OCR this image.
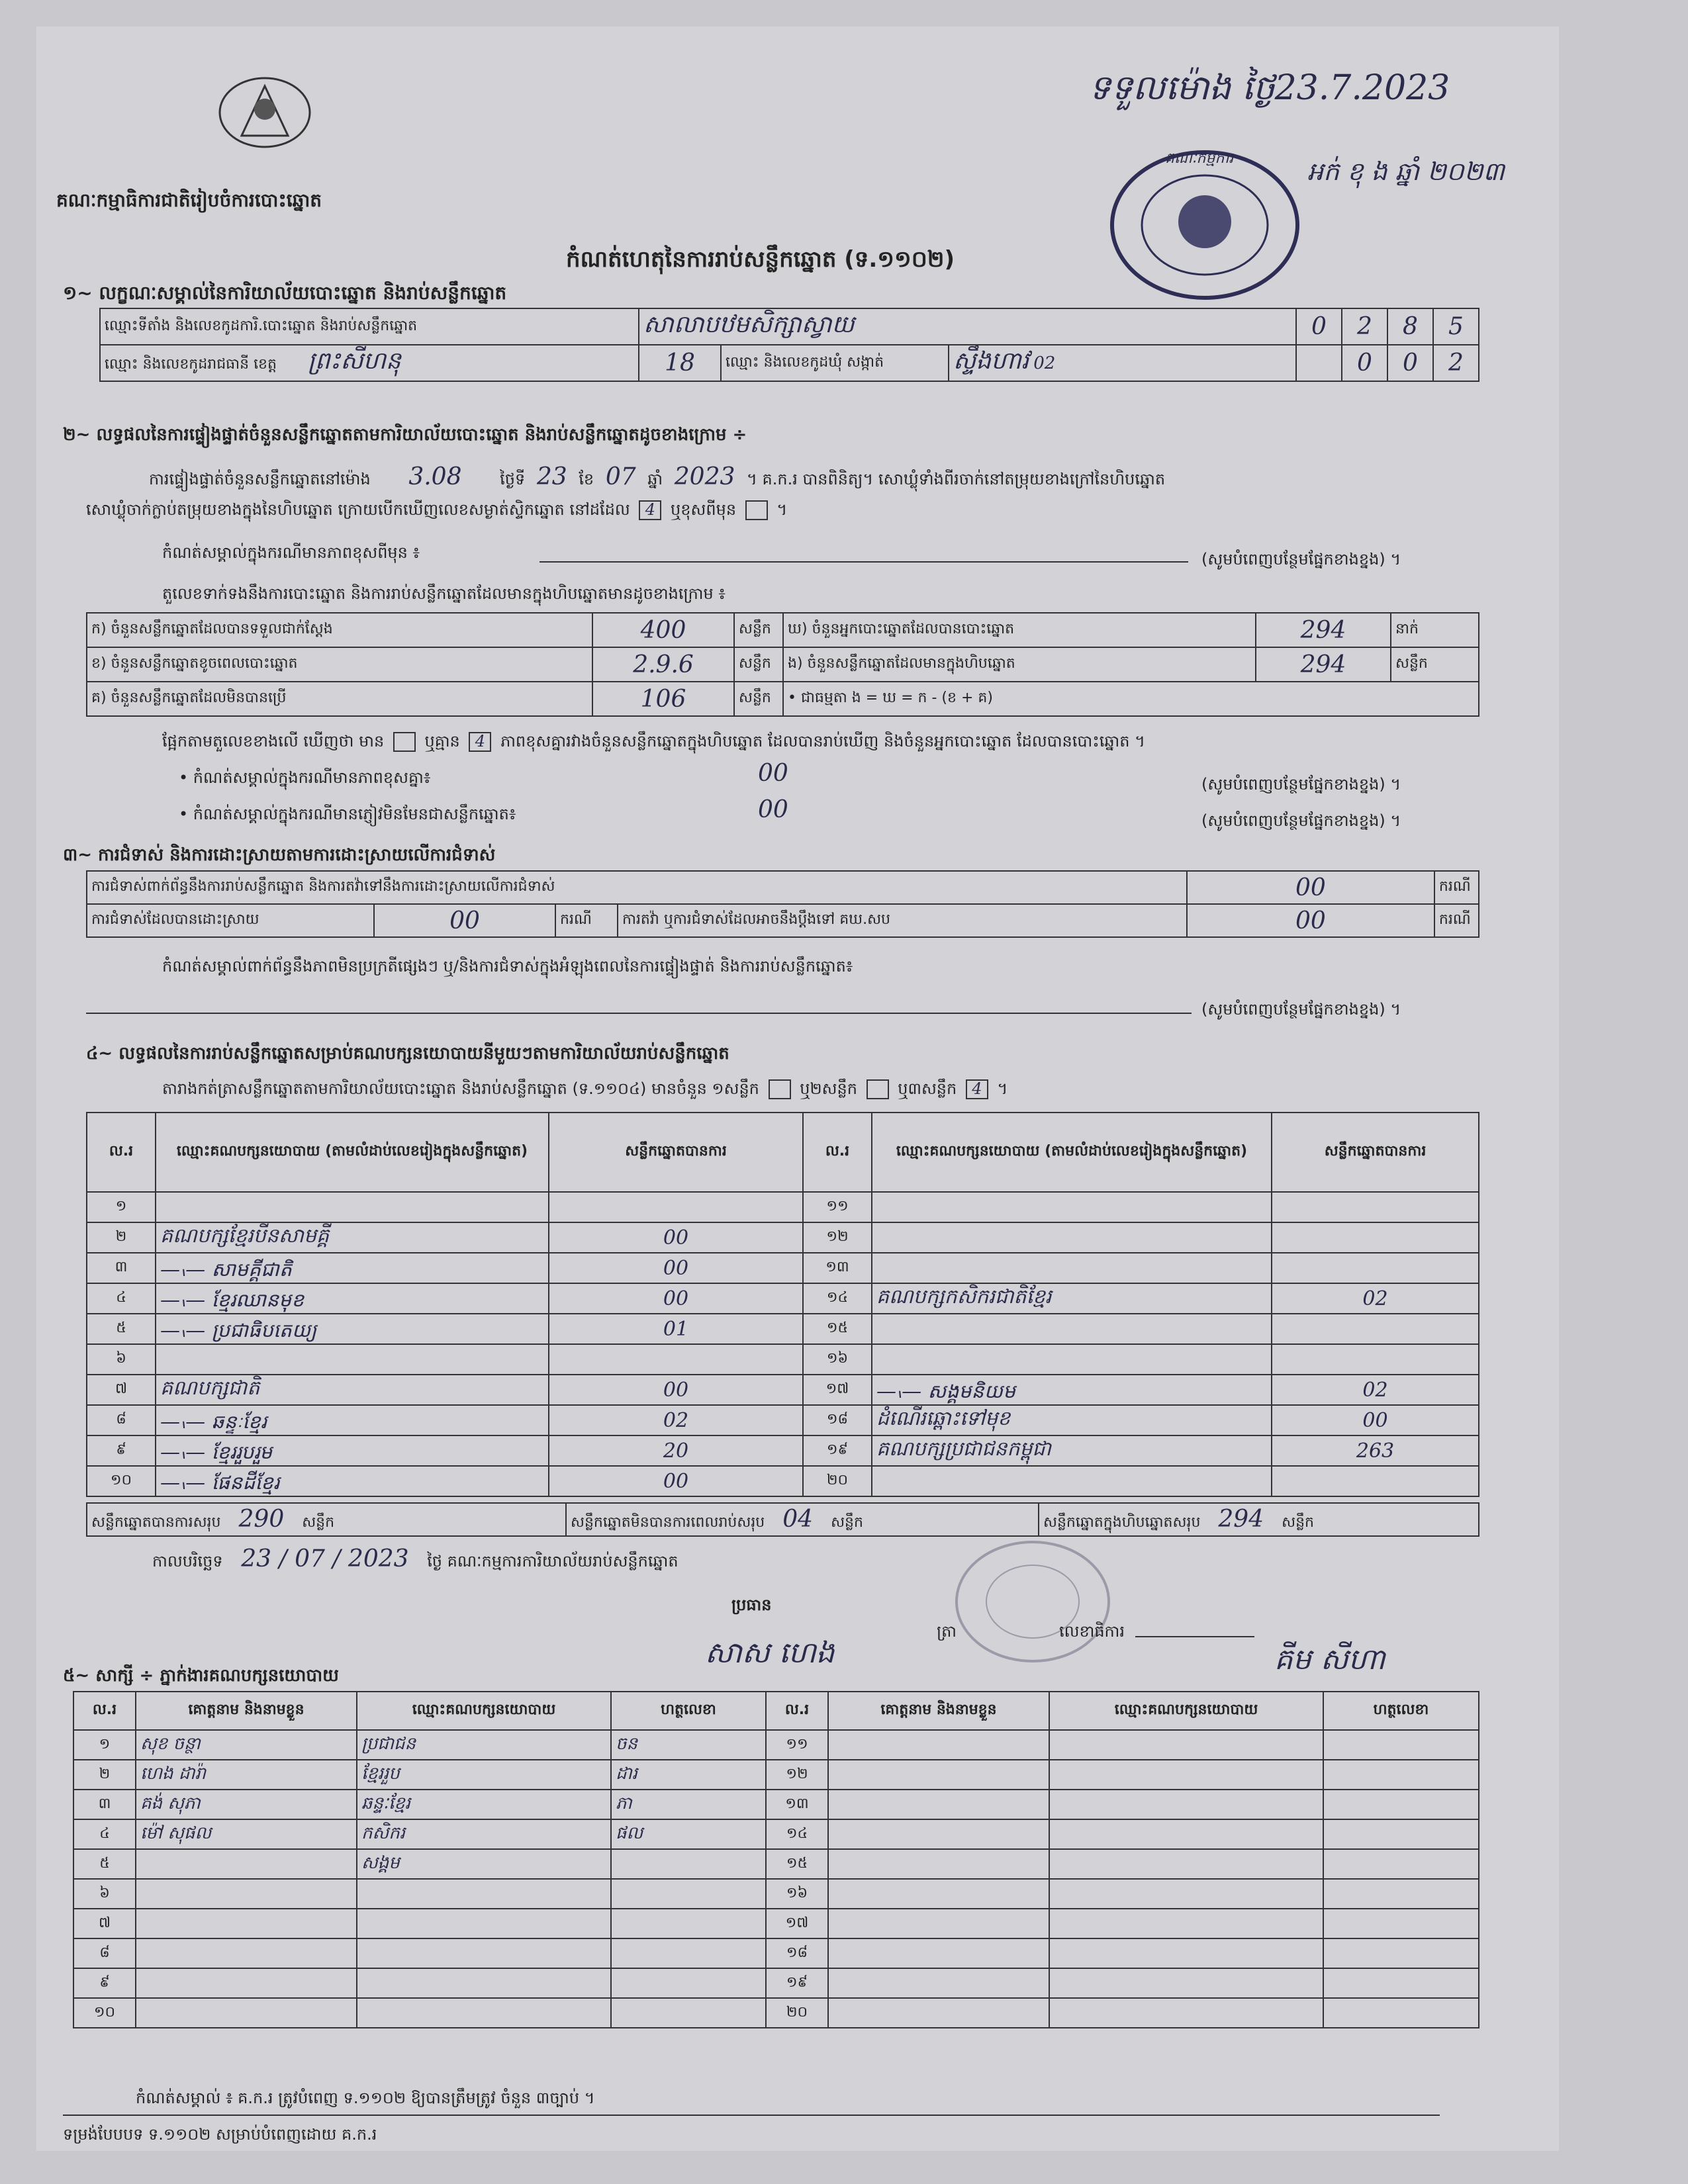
គណៈកម្មាធិការជាតិរៀបចំការបោះឆ្នោត
កំណត់ហេតុនៃការរាប់សន្លឹកឆ្នោត (ទ.១១០២)
ទទួលម៉ោង ថ្ងៃ23.7.2023
គណៈកម្មការ	អក់ ខុ ង ឆ្នាំ ២០២៣
១~ លក្ខណៈសម្គាល់នៃការិយាល័យបោះឆ្នោត និងរាប់សន្លឹកឆ្នោត
ឈ្មោះទីតាំង និងលេខកូដការិ.បោះឆ្នោត និងរាប់សន្លឹកឆ្នោត	សាលាបឋមសិក្សាស្វាយ			0	2	8	5
ឈ្មោះ និងលេខកូដរាជធានី ខេត្ត ព្រះសីហនុ	18	ឈ្មោះ និងលេខកូដឃុំ សង្កាត់	ស្ទឹងហាវ 02		0	0	2
២~ លទ្ធផលនៃការផ្ទៀងផ្ទាត់ចំនួនសន្លឹកឆ្នោតតាមការិយាល័យបោះឆ្នោត និងរាប់សន្លឹកឆ្នោតដូចខាងក្រោម ÷
ការផ្ទៀងផ្ទាត់ចំនួនសន្លឹកឆ្នោតនៅម៉ោង 3.08 ថ្ងៃទី 23 ខែ 07 ឆ្នាំ 2023 ។ គ.ក.រ បានពិនិត្យ។ សោឃ្លុំទាំងពីរចាក់នៅតម្រុយខាងក្រៅនៃហិបឆ្នោត
សោឃ្លុំចាក់ក្លាប់តម្រុយខាងក្នុងនៃហិបឆ្នោត ក្រោយបើកឃើញលេខសម្ងាត់ស្ទិកឆ្នោត នៅដដែល 4 ឬខុសពីមុន  ។
កំណត់សម្គាល់ក្នុងករណីមានភាពខុសពីមុន ៖	(សូមបំពេញបន្ថែមផ្នែកខាងខ្នង) ។
តួលេខទាក់ទងនឹងការបោះឆ្នោត និងការរាប់សន្លឹកឆ្នោតដែលមានក្នុងហិបឆ្នោតមានដូចខាងក្រោម ៖
ក) ចំនួនសន្លឹកឆ្នោតដែលបានទទួលជាក់ស្តែង	400	សន្លឹក	ឃ) ចំនួនអ្នកបោះឆ្នោតដែលបានបោះឆ្នោត	294	នាក់
ខ) ចំនួនសន្លឹកឆ្នោតខូចពេលបោះឆ្នោត	2.9.6	សន្លឹក	ង) ចំនួនសន្លឹកឆ្នោតដែលមានក្នុងហិបឆ្នោត	294	សន្លឹក
គ) ចំនួនសន្លឹកឆ្នោតដែលមិនបានប្រើ	106	សន្លឹក	• ជាធម្មតា ង = ឃ = ក - (ខ + គ)		
ផ្អែកតាមតួលេខខាងលើ ឃើញថា មាន	ឬគ្មាន 4 ភាពខុសគ្នារវាងចំនួនសន្លឹកឆ្នោតក្នុងហិបឆ្នោត ដែលបានរាប់ឃើញ និងចំនួនអ្នកបោះឆ្នោត ដែលបានបោះឆ្នោត ។
• កំណត់សម្គាល់ក្នុងករណីមានភាពខុសគ្នា៖	00	(សូមបំពេញបន្ថែមផ្នែកខាងខ្នង) ។
• កំណត់សម្គាល់ក្នុងករណីមានភ្ញៀវមិនមែនជាសន្លឹកឆ្នោត៖	00	(សូមបំពេញបន្ថែមផ្នែកខាងខ្នង) ។
៣~ ការជំទាស់ និងការដោះស្រាយតាមការដោះស្រាយលើការជំទាស់
ការជំទាស់ពាក់ព័ន្ធនឹងការរាប់សន្លឹកឆ្នោត និងការតវ៉ាទៅនឹងការដោះស្រាយលើការជំទាស់				00	ករណី
ការជំទាស់ដែលបានដោះស្រាយ	00	ករណី	ការតវ៉ា ឬការជំទាស់ដែលអាចនឹងប្តឹងទៅ គឃ.សប	00	ករណី
កំណត់សម្គាល់ពាក់ព័ន្ធនឹងភាពមិនប្រក្រតីផ្សេងៗ ឬ/និងការជំទាស់ក្នុងអំឡុងពេលនៃការផ្ទៀងផ្ទាត់ និងការរាប់សន្លឹកឆ្នោត៖
(សូមបំពេញបន្ថែមផ្នែកខាងខ្នង) ។
៤~ លទ្ធផលនៃការរាប់សន្លឹកឆ្នោតសម្រាប់គណបក្សនយោបាយនីមួយៗតាមការិយាល័យរាប់សន្លឹកឆ្នោត
តារាងកត់ត្រាសន្លឹកឆ្នោតតាមការិយាល័យបោះឆ្នោត និងរាប់សន្លឹកឆ្នោត (ទ.១១០៤) មានចំនួន ១សន្លឹក	ឬ២សន្លឹក	ឬ៣សន្លឹក 4 ។
ល.រ	ឈ្មោះគណបក្សនយោបាយ (តាមលំដាប់លេខរៀងក្នុងសន្លឹកឆ្នោត)	សន្លឹកឆ្នោតបានការ	ល.រ	ឈ្មោះគណបក្សនយោបាយ (តាមលំដាប់លេខរៀងក្នុងសន្លឹកឆ្នោត)	សន្លឹកឆ្នោតបានការ
១			១១		
២	គណបក្សខ្មែរបីនសាមគ្គី	00	១២		
៣	—៶— សាមគ្គីជាតិ	00	១៣		
៤	—៶— ខ្មែរឈានមុខ	00	១៤	គណបក្សកសិករជាតិខ្មែរ	02
៥	—៶— ប្រជាធិបតេយ្យ	01	១៥		
៦			១៦		
៧	គណបក្សជាតិ	00	១៧	—៶— សង្គមនិយម	02
៨	—៶— ឆន្ទៈខ្មែរ	02	១៨	ដំណើរឆ្ពោះទៅមុខ	00
៩	—៶— ខ្មែររួបរួម	20	១៩	គណបក្សប្រជាជនកម្ពុជា	263
១០	—៶— ផែនដីខ្មែរ	00	២០		
សន្លឹកឆ្នោតបានការសរុប 290 សន្លឹក	សន្លឹកឆ្នោតមិនបានការពេលរាប់សរុប 04 សន្លឹក	សន្លឹកឆ្នោតក្នុងហិបឆ្នោតសរុប 294 សន្លឹក
កាលបរិច្ឆេទ 23 / 07 / 2023 ថ្ងៃ គណៈកម្មការការិយាល័យរាប់សន្លឹកឆ្នោត
ប្រធាន
សាស ហេង
ត្រា	លេខាធិការ
គីម សីហា
៥~ សាក្សី ÷ ភ្នាក់ងារគណបក្សនយោបាយ
ល.រ	គោត្តនាម និងនាមខ្លួន	ឈ្មោះគណបក្សនយោបាយ	ហត្ថលេខា	ល.រ	គោត្តនាម និងនាមខ្លួន	ឈ្មោះគណបក្សនយោបាយ	ហត្ថលេខា
១	សុខ ចន្ថា	ប្រជាជន	ចន	១១			
២	ហេង ដារ៉ា	ខ្មែររួប	ដារ	១២			
៣	គង់ សុភា	ឆន្ទៈខ្មែរ	ភា	១៣			
៤	ម៉ៅ សុផល	កសិករ	ផល	១៤			
៥		សង្គម		១៥			
៦				១៦			
៧				១៧			
៨				១៨			
៩				១៩			
១០				២០			
កំណត់សម្គាល់ ៖ គ.ក.រ ត្រូវបំពេញ ទ.១១០២ ឱ្យបានត្រឹមត្រូវ ចំនួន ៣ច្បាប់ ។
ទម្រង់បែបបទ ទ.១១០២ សម្រាប់បំពេញដោយ គ.ក.រ
